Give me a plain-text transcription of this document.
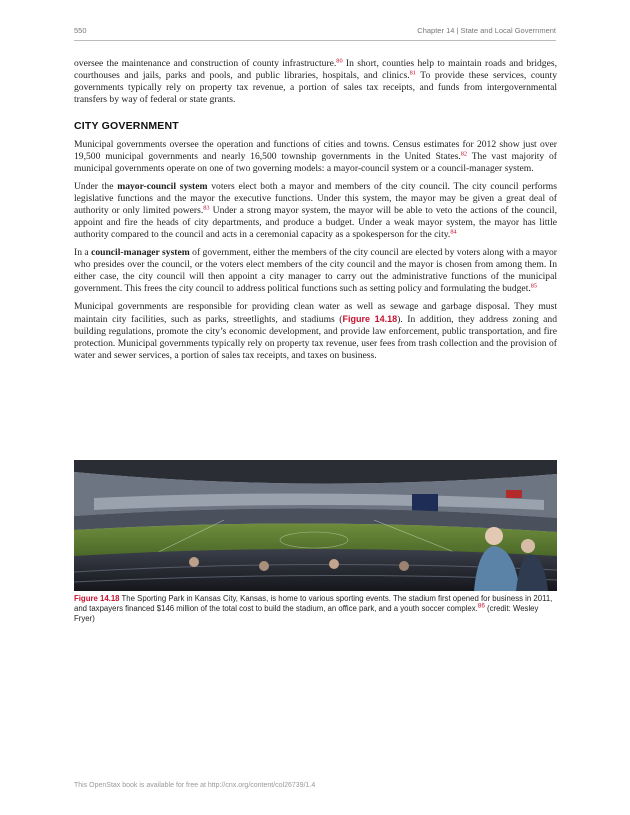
550	Chapter 14 | State and Local Government

oversee the maintenance and construction of county infrastructure.$^{80}$ In short, counties help to maintain roads and bridges, courthouses and jails, parks and pools, and public libraries, hospitals, and clinics.$^{81}$ To provide these services, county governments typically rely on property tax revenue, a portion of sales tax receipts, and funds from intergovernmental transfers by way of federal or state grants.

CITY GOVERNMENT

Municipal governments oversee the operation and functions of cities and towns. Census estimates for 2012 show just over 19,500 municipal governments and nearly 16,500 township governments in the United States.$^{82}$ The vast majority of municipal governments operate on one of two governing models: a mayor-council system or a council-manager system.

Under the mayor-council system voters elect both a mayor and members of the city council. The city council performs legislative functions and the mayor the executive functions. Under this system, the mayor may be given a great deal of authority or only limited powers.$^{83}$ Under a strong mayor system, the mayor will be able to veto the actions of the council, appoint and fire the heads of city departments, and produce a budget. Under a weak mayor system, the mayor has little authority compared to the council and acts in a ceremonial capacity as a spokesperson for the city.$^{84}$

In a council-manager system of government, either the members of the city council are elected by voters along with a mayor who presides over the council, or the voters elect members of the city council and the mayor is chosen from among them. In either case, the city council will then appoint a city manager to carry out the administrative functions of the municipal government. This frees the city council to address political functions such as setting policy and formulating the budget.$^{85}$

Municipal governments are responsible for providing clean water as well as sewage and garbage disposal. They must maintain city facilities, such as parks, streetlights, and stadiums (Figure 14.18). In addition, they address zoning and building regulations, promote the city’s economic development, and provide law enforcement, public transportation, and fire protection. Municipal governments typically rely on property tax revenue, user fees from trash collection and the provision of water and sewer services, a portion of sales tax receipts, and taxes on business.

Figure 14.18 The Sporting Park in Kansas City, Kansas, is home to various sporting events. The stadium first opened for business in 2011, and taxpayers financed $146 million of the total cost to build the stadium, an office park, and a youth soccer complex.$^{86}$ (credit: Wesley Fryer)
This OpenStax book is available for free at http://cnx.org/content/col26739/1.4
